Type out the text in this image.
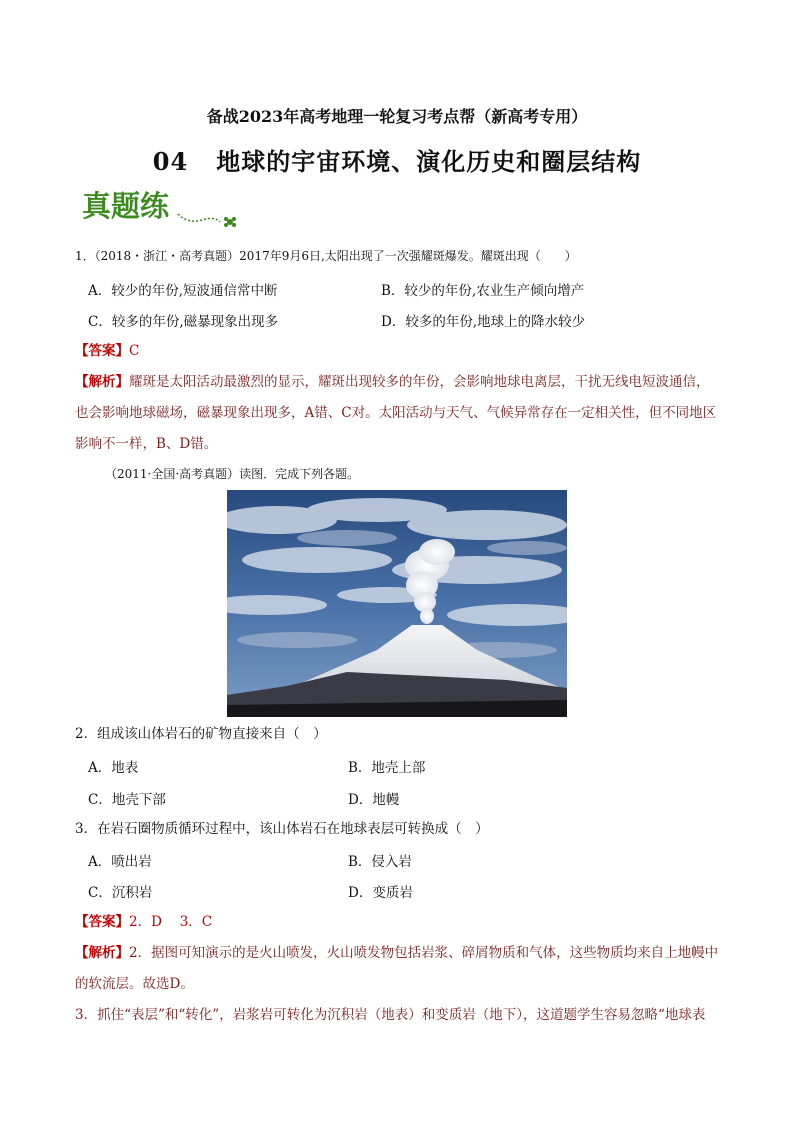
备战2023年高考地理一轮复习考点帮（新高考专用）
04 地球的宇宙环境、演化历史和圈层结构
真题练
1．（2018・浙江・高考真题）2017年9月6日,太阳出现了一次强耀斑爆发。耀斑出现（　　）
A．较少的年份,短波通信常中断	B．较少的年份,农业生产倾向增产
C．较多的年份,磁暴现象出现多	D．较多的年份,地球上的降水较少
【答案】C
【解析】耀斑是太阳活动最激烈的显示，耀斑出现较多的年份，会影响地球电离层，干扰无线电短波通信，也会影响地球磁场，磁暴现象出现多，A错、C对。太阳活动与天气、气候异常存在一定相关性，但不同地区影响不一样，B、D错。
（2011·全国·高考真题）读图．完成下列各题。
2．组成该山体岩石的矿物直接来自（　）
A．地表	B．地壳上部
C．地壳下部	D．地幔
3．在岩石圈物质循环过程中，该山体岩石在地球表层可转换成（　）
A．喷出岩	B．侵入岩
C．沉积岩	D．变质岩
【答案】2．D　 3．C
【解析】2．据图可知演示的是火山喷发，火山喷发物包括岩浆、碎屑物质和气体，这些物质均来自上地幔中的软流层。故选D。
3．抓住“表层”和“转化”，岩浆岩可转化为沉积岩（地表）和变质岩（地下），这道题学生容易忽略“地球表
